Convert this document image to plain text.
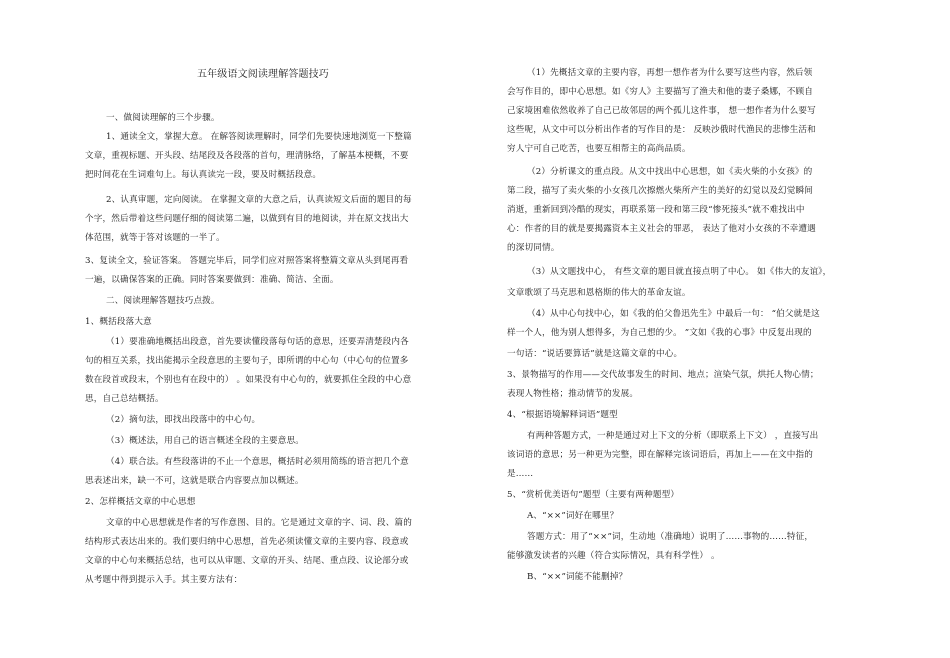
五年级语文阅读理解答题技巧
一、做阅读理解的三个步骤。
1、通读全文，掌握大意。 在解答阅读理解时，同学们先要快速地浏览一下整篇
文章，重视标题、开头段、结尾段及各段落的首句，理清脉络，了解基本梗概，不要
把时间花在生词难句上。每认真读完一段，要及时概括段意。
2、认真审题，定向阅读。 在掌握文章的大意之后，认真读短文后面的题目的每
个字，然后带着这些问题仔细的阅读第二遍，以做到有目的地阅读，并在原文找出大
体范围，就等于答对该题的一半了。
3、复读全文，验证答案。 答题完毕后，同学们应对照答案将整篇文章从头到尾再看
一遍，以确保答案的正确。同时答案要做到：准确、简洁、全面。
二、阅读理解答题技巧点拨。
1、概括段落大意
（1）要准确地概括出段意，首先要读懂段落每句话的意思，还要弄清楚段内各
句的相互关系，找出能揭示全段意思的主要句子，即所谓的中心句（中心句的位置多
数在段首或段末，个别也有在段中的） 。如果没有中心句的，就要抓住全段的中心意
思，自己总结概括。
（2）摘句法，即找出段落中的中心句。
（3）概述法，用自己的语言概述全段的主要意思。
（4）联合法。有些段落讲的不止一个意思，概括时必须用简练的语言把几个意
思表述出来，缺一不可，这就是联合内容要点加以概述。
2、怎样概括文章的中心思想
文章的中心思想就是作者的写作意图、目的。它是通过文章的字、词、段、篇的
结构形式表达出来的。我们要归纳中心思想，首先必须读懂文章的主要内容、段意或
文章的中心句来概括总结，也可以从审题、文章的开头、结尾、重点段、议论部分或
从考题中得到提示入手。其主要方法有：
（1）先概括文章的主要内容，再想一想作者为什么要写这些内容，然后领
会写作目的，即中心思想。如《穷人》主要描写了渔夫和他的妻子桑娜，不顾自
己家境困难依然收养了自己已故邻居的两个孤儿这件事， 想一想作者为什么要写
这些呢，从文中可以分析出作者的写作目的是： 反映沙俄时代渔民的悲惨生活和
穷人宁可自己吃苦，也要互相帮主的高尚品质。
（2）分析课文的重点段。从文中找出中心思想，如《卖火柴的小女孩》的
第二段，描写了卖火柴的小女孩几次擦燃火柴所产生的美好的幻觉以及幻觉瞬间
消逝，重新回到冷酷的现实，再联系第一段和第三段“惨死接头”就不难找出中
心：作者的目的就是要揭露资本主义社会的罪恶， 表达了他对小女孩的不幸遭遇
的深切同情。
（3）从文题找中心， 有些文章的题目就直接点明了中心。 如《伟大的友谊》，
文章歌颂了马克思和恩格斯的伟大的革命友谊。
（4）从中心句找中心，如《我的伯父鲁迅先生》中最后一句： “伯父就是这
样一个人，他为别人想得多，为自己想的少。 ”文如《我的心事》中反复出现的
一句话：“说话要算话”就是这篇文章的中心。
3、景物描写的作用——交代故事发生的时间、地点；渲染气氛，烘托人物心情；
表现人物性格；推动情节的发展。
4、“根据语境解释词语”题型
有两种答题方式，一种是通过对上下文的分析（即联系上下文） ，直接写出
该词语的意思；另一种更为完整，即在解释完该词语后，再加上——在文中指的
是……
5、“赏析优美语句”题型（主要有两种题型）
A、“××”词好在哪里？
答题方式：用了“××”词，生动地（准确地）说明了……事物的……特征，
能够激发读者的兴趣（符合实际情况，具有科学性） 。
B、“××”词能不能删掉？
